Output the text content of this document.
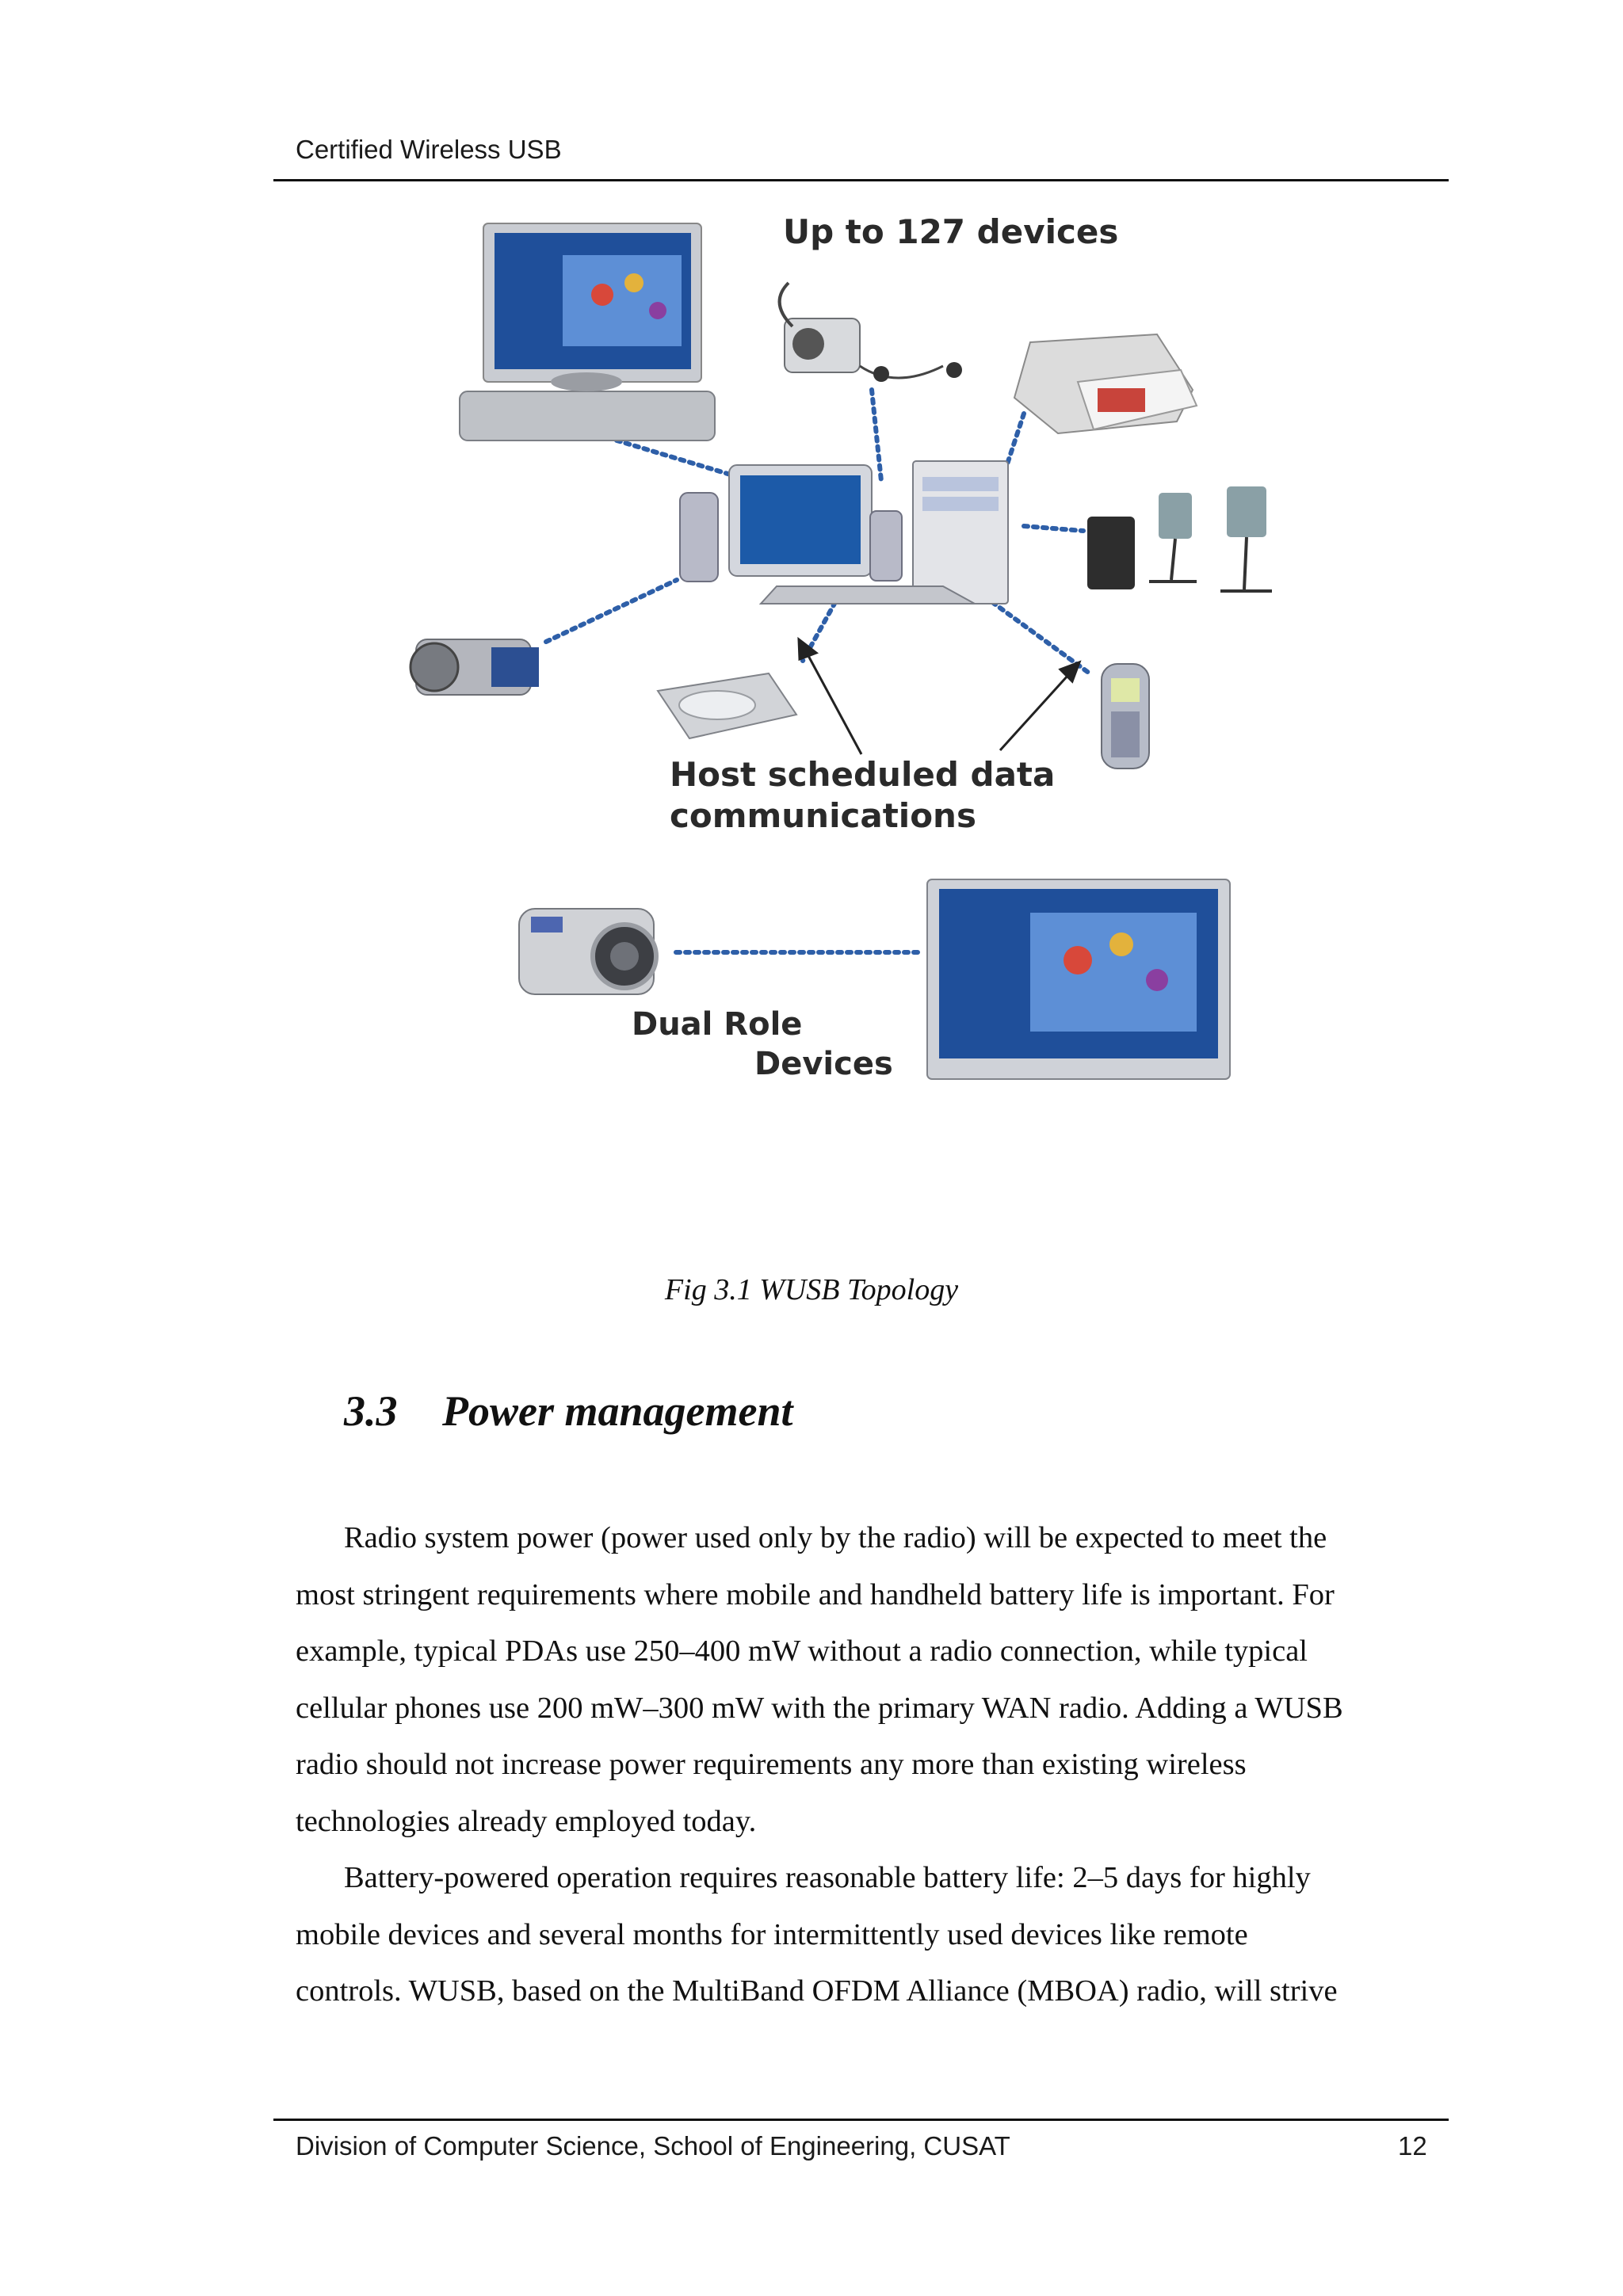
Certified Wireless USB
Up to 127 devices
Host scheduled data
communications
Dual Role
Devices
Fig 3.1 WUSB Topology
3.3 Power management
Radio system power (power used only by the radio) will be expected to meet the
most stringent requirements where mobile and handheld battery life is important. For
example, typical PDAs use 250–400 mW without a radio connection, while typical
cellular phones use 200 mW–300 mW with the primary WAN radio. Adding a WUSB
radio should not increase power requirements any more than existing wireless
technologies already employed today.
Battery-powered operation requires reasonable battery life: 2–5 days for highly
mobile devices and several months for intermittently used devices like remote
controls. WUSB, based on the MultiBand OFDM Alliance (MBOA) radio, will strive
Division of Computer Science, School of Engineering, CUSAT	12
